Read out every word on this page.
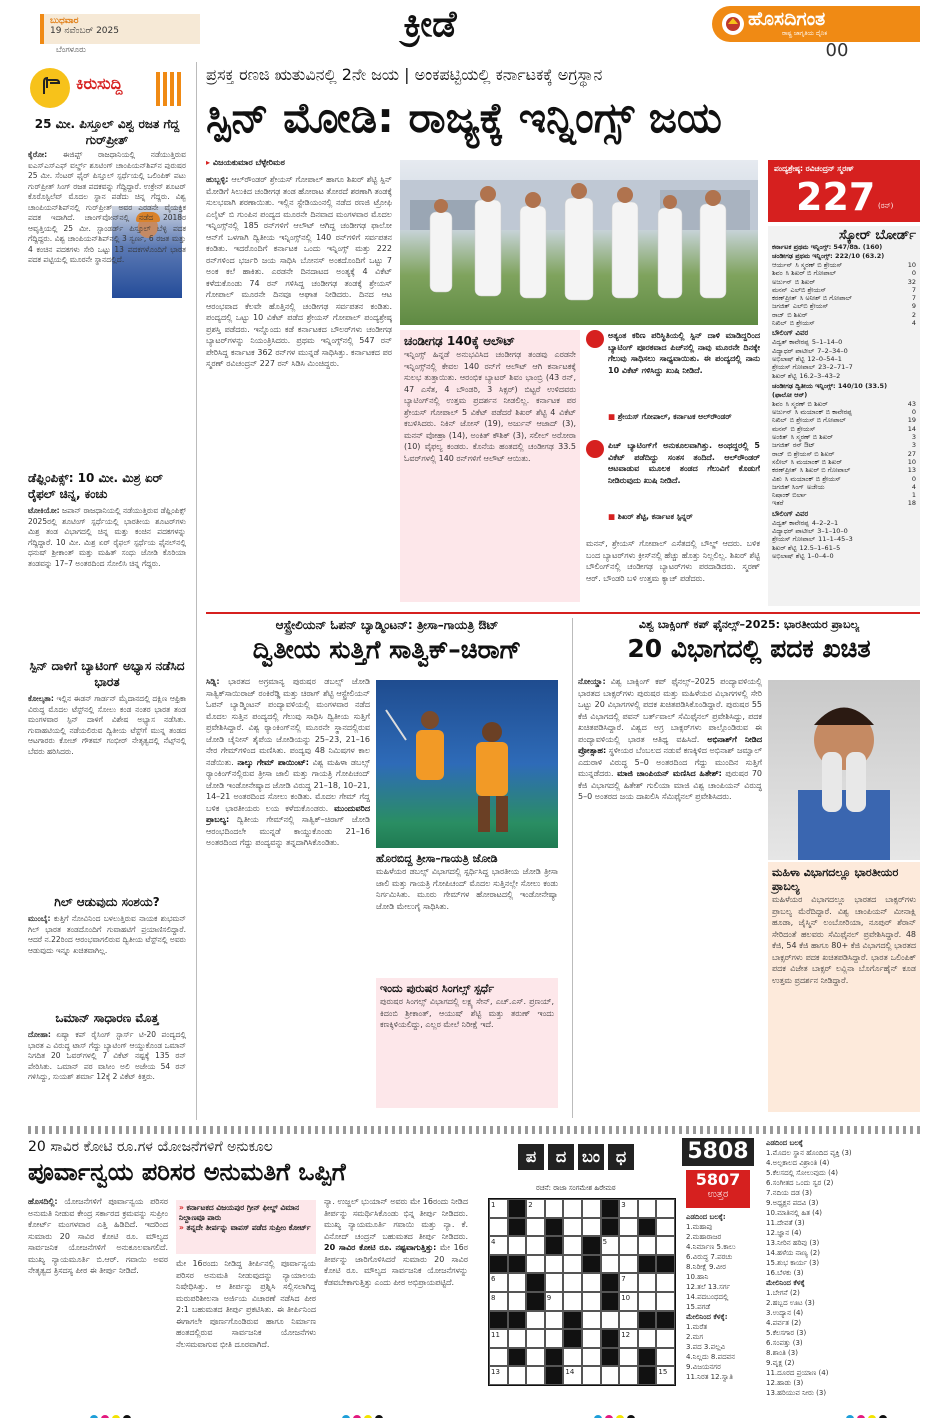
ಬುಧವಾರ
19 ನವೆಂಬರ್ 2025
ಬೆಂಗಳೂರು
ಕ್ರೀಡೆ	ಹೊಸದಿಗಂತ
ರಾಷ್ಟ್ರ ಜಾಗೃತಿಯ ದೈನಿಕ
00
ಕಿರುಸುದ್ದಿ
25 ಮೀ. ಪಿಸ್ತೂಲ್ ವಿಶ್ವ ರಜತ ಗೆದ್ದ ಗುರ್‌ಪ್ರೀತ್
ಕೈರೋ: ಈಜಿಪ್ಟ್ ರಾಜಧಾನಿಯಲ್ಲಿ ನಡೆಯುತ್ತಿರುವ ಐಎಸ್‌ಎಸ್‌ಎಫ್ ವರ್ಲ್ಡ್ ಶೂಟಿಂಗ್ ಚಾಂಪಿಯನ್‌ಶಿಪ್‌ನ ಪುರುಷರ 25 ಮೀ. ಸೆಂಟರ್ ಫೈರ್ ಪಿಸ್ತೂಲ್ ಸ್ಪರ್ಧೆಯಲ್ಲಿ ಒಲಿಂಪಿಕ್ ಪಟು ಗುರ್‌ಪ್ರೀತ್ ಸಿಂಗ್ ರಜತ ಪದಕವನ್ನು ಗೆದ್ದಿದ್ದಾರೆ. ಉಕ್ರೇನ್ ಶೂಟರ್ ಕೊರೊಸ್ಟಿಲೆವ್ ಮೊದಲ ಸ್ಥಾನ ಪಡೆದು ಚಿನ್ನ ಗೆದ್ದರು. ವಿಶ್ವ ಚಾಂಪಿಯನ್‌ಶಿಪ್‌ನಲ್ಲಿ ಗುರ್‌ಪ್ರೀತ್ ಅವರ ಎರಡನೇ ವೈಯಕ್ತಿಕ ಪದಕ ಇದಾಗಿದೆ. ಚಾಂಗ್‌ವೋನ್‌ನಲ್ಲಿ ನಡೆದ 2018ರ ಆವೃತ್ತಿಯಲ್ಲಿ 25 ಮೀ. ಸ್ಟಾಂಡರ್ಡ್ ಪಿಸ್ತೂಲ್ ಬೆಳ್ಳಿ ಪದಕ ಗೆದ್ದಿದ್ದರು. ವಿಶ್ವ ಚಾಂಪಿಯನ್‌ಶಿಪ್‌ನಲ್ಲಿ 3 ಸ್ವರ್ಣ, 6 ರಜತ ಮತ್ತು 4 ಕಂಚಿನ ಪದಕಗಳು ಸೇರಿ ಒಟ್ಟು 13 ಪದಕಗಳೊಂದಿಗೆ ಭಾರತ ಪದಕ ಪಟ್ಟಿಯಲ್ಲಿ ಮೂರನೇ ಸ್ಥಾನದಲ್ಲಿದೆ.
ಡೆಫ್ಲಿಂಪಿಕ್ಸ್: 10 ಮೀ. ಮಿಶ್ರ ಏರ್ ರೈಫಲ್ ಚಿನ್ನ, ಕಂಚು
ಟೋಕಿಯೋ: ಜಪಾನ್ ರಾಜಧಾನಿಯಲ್ಲಿ ನಡೆಯುತ್ತಿರುವ ಡೆಫ್ಲಿಂಪಿಕ್ಸ್ 2025ರಲ್ಲಿ ಶೂಟಿಂಗ್ ಸ್ಪರ್ಧೆಯಲ್ಲಿ ಭಾರತೀಯ ಶೂಟರ್‌ಗಳು ಮಿಶ್ರ ತಂಡ ವಿಭಾಗದಲ್ಲಿ ಚಿನ್ನ ಮತ್ತು ಕಂಚಿನ ಪದಕಗಳನ್ನು ಗೆದ್ದಿದ್ದಾರೆ. 10 ಮೀ. ಮಿಶ್ರ ಏರ್ ರೈಫಲ್ ಸ್ಪರ್ಧೆಯ ಫೈನಲ್‌ನಲ್ಲಿ ಧನುಷ್ ಶ್ರೀಕಾಂತ್ ಮತ್ತು ಮಹಿತ್ ಸಂಧು ಜೋಡಿ ಕೊರಿಯಾ ತಂಡವನ್ನು 17–7 ಅಂತರದಿಂದ ಸೋಲಿಸಿ ಚಿನ್ನ ಗೆದ್ದರು.
ಸ್ಪಿನ್ ದಾಳಿಗೆ ಬ್ಯಾಟಿಂಗ್ ಅಭ್ಯಾಸ ನಡೆಸಿದ ಭಾರತ
ಕೋಲ್ಕತಾ: ಇಲ್ಲಿನ ಈಡನ್ ಗಾರ್ಡನ್ ಮೈದಾನದಲ್ಲಿ ದಕ್ಷಿಣ ಆಫ್ರಿಕಾ ವಿರುದ್ಧ ಮೊದಲ ಟೆಸ್ಟ್‌ನಲ್ಲಿ ಸೋಲು ಕಂಡ ನಂತರ ಭಾರತ ತಂಡ ಮಂಗಳವಾರ ಸ್ಪಿನ್ ದಾಳಿಗೆ ವಿಶೇಷ ಅಭ್ಯಾಸ ನಡೆಸಿತು. ಗುವಾಹಟಿಯಲ್ಲಿ ನಡೆಯಲಿರುವ ದ್ವಿತೀಯ ಟೆಸ್ಟ್‌ಗೆ ಮುನ್ನ ತಂಡದ ಆಟಗಾರರು ಕೋಚ್ ಗೌತಮ್ ಗಂಭೀರ್ ನೇತೃತ್ವದಲ್ಲಿ ನೆಟ್ಸ್‌ನಲ್ಲಿ ಬೆವರು ಹರಿಸಿದರು.
ಗಿಲ್ ಆಡುವುದು ಸಂಶಯ?
ಮುಂಬೈ: ಕುತ್ತಿಗೆ ನೋವಿನಿಂದ ಬಳಲುತ್ತಿರುವ ನಾಯಕ ಶುಭಮನ್ ಗಿಲ್ ಭಾರತ ತಂಡದೊಂದಿಗೆ ಗುವಾಹಟಿಗೆ ಪ್ರಯಾಣಿಸಲಿದ್ದಾರೆ. ಆದರೆ ನ.22ರಿಂದ ಆರಂಭವಾಗಲಿರುವ ದ್ವಿತೀಯ ಟೆಸ್ಟ್‌ನಲ್ಲಿ ಅವರು ಆಡುವುದು ಇನ್ನೂ ಖಚಿತವಾಗಿಲ್ಲ.
ಒಮಾನ್ ಸಾಧಾರಣ ಮೊತ್ತ
ದೋಹಾ: ಏಷ್ಯಾ ಕಪ್ ರೈಸಿಂಗ್ ಸ್ಟಾರ್ಸ್ ಟಿ-20 ಪಂದ್ಯದಲ್ಲಿ ಭಾರತ ಎ ವಿರುದ್ಧ ಟಾಸ್ ಗೆದ್ದು ಬ್ಯಾಟಿಂಗ್ ಆಯ್ದುಕೊಂಡ ಒಮಾನ್ ನಿಗದಿತ 20 ಓವರ್‌ಗಳಲ್ಲಿ 7 ವಿಕೆಟ್ ನಷ್ಟಕ್ಕೆ 135 ರನ್ ಪೇರಿಸಿತು. ಒಮಾನ್ ಪರ ವಾಸೀಂ ಅಲಿ ಅಜೇಯ 54 ರನ್ ಗಳಿಸಿದ್ದು, ಸುಯಶ್ ಶರ್ಮಾ 12ಕ್ಕೆ 2 ವಿಕೆಟ್ ಕಿತ್ತರು.
ಪ್ರಸಕ್ತ ರಣಜಿ ಋತುವಿನಲ್ಲಿ 2ನೇ ಜಯ | ಅಂಕಪಟ್ಟಿಯಲ್ಲಿ ಕರ್ನಾಟಕಕ್ಕೆ ಅಗ್ರಸ್ಥಾನ
ಸ್ಪಿನ್ ಮೋಡಿ: ರಾಜ್ಯಕ್ಕೆ ಇನ್ನಿಂಗ್ಸ್ ಜಯ
▸ ವಿಜಯಕುಮಾರ ಬೆಳ್ಳೇರಿಮಠ
ಹುಬ್ಬಳ್ಳಿ: ಆಲ್‌ರೌಂಡರ್ ಶ್ರೇಯಸ್ ಗೋಪಾಲ್ ಹಾಗೂ ಶಿಖರ್ ಶೆಟ್ಟಿ ಸ್ಪಿನ್ ಮೋಡಿಗೆ ಸಿಲುಕಿದ ಚಂಡೀಗಢ ತಂಡ ಹೋರಾಟ ತೋರದೆ ಶರಣಾಗಿ ತಂಡಕ್ಕೆ ಸುಲಭವಾಗಿ ಶರಣಾಯಿತು. ಇಲ್ಲಿನ ಸ್ಟೇಡಿಯಂನಲ್ಲಿ ನಡೆದ ರಣಜಿ ಟ್ರೋಫಿ ಎಲೈಟ್ ಬಿ ಗುಂಪಿನ ಪಂದ್ಯದ ಮೂರನೇ ದಿನವಾದ ಮಂಗಳವಾರ ಮೊದಲ ಇನ್ನಿಂಗ್ಸ್‌ನಲ್ಲಿ 185 ರನ್‌ಗಳಿಗೆ ಆಲೌಟ್ ಆಗಿದ್ದ ಚಂಡೀಗಢ ಫಾಲೋ ಆನ್‌ಗೆ ಒಳಗಾಗಿ ದ್ವಿತೀಯ ಇನ್ನಿಂಗ್ಸ್‌ನಲ್ಲಿ 140 ರನ್‌ಗಳಿಗೆ ಸರ್ವಪತನ ಕಂಡಿತು. ಇದರೊಂದಿಗೆ ಕರ್ನಾಟಕ ಒಂದು ಇನ್ನಿಂಗ್ಸ್ ಮತ್ತು 222 ರನ್‌ಗಳಿಂದ ಭರ್ಜರಿ ಜಯ ಸಾಧಿಸಿ ಬೋನಸ್ ಅಂಕದೊಂದಿಗೆ ಒಟ್ಟು 7 ಅಂಕ ಕಲೆ ಹಾಕಿತು. ಎರಡನೇ ದಿನದಾಟದ ಅಂತ್ಯಕ್ಕೆ 4 ವಿಕೆಟ್ ಕಳೆದುಕೊಂಡು 74 ರನ್ ಗಳಿಸಿದ್ದ ಚಂಡೀಗಢ ತಂಡಕ್ಕೆ ಶ್ರೇಯಸ್ ಗೋಪಾಲ್ ಮೂರನೇ ದಿನವೂ ಆಘಾತ ನೀಡಿದರು. ದಿನದ ಆಟ ಆರಂಭವಾದ ಕೆಲವೇ ಹೊತ್ತಿನಲ್ಲಿ ಚಂಡೀಗಢ ಸರ್ವಪತನ ಕಂಡಿತು. ಪಂದ್ಯದಲ್ಲಿ ಒಟ್ಟು 10 ವಿಕೆಟ್ ಪಡೆದ ಶ್ರೇಯಸ್ ಗೋಪಾಲ್ ಪಂದ್ಯಶ್ರೇಷ್ಠ ಪ್ರಶಸ್ತಿ ಪಡೆದರು. ಇನ್ನೊಂದು ಕಡೆ ಕರ್ನಾಟಕದ ಬೌಲರ್‌ಗಳು ಚಂಡೀಗಢ ಬ್ಯಾಟರ್‌ಗಳನ್ನು ನಿಯಂತ್ರಿಸಿದರು. ಪ್ರಥಮ ಇನ್ನಿಂಗ್ಸ್‌ನಲ್ಲಿ 547 ರನ್ ಪೇರಿಸಿದ್ದ ಕರ್ನಾಟಕ 362 ರನ್‌ಗಳ ಮುನ್ನಡೆ ಸಾಧಿಸಿತ್ತು. ಕರ್ನಾಟಕದ ಪರ ಸ್ಮರಣ್ ರವಿಚಂದ್ರನ್ 227 ರನ್ ಸಿಡಿಸಿ ಮಿಂಚಿದ್ದರು.
ಪಂದ್ಯಶ್ರೇಷ್ಠ: ರವಿಚಂದ್ರನ್ ಸ್ಮರಣ್
227 (ರನ್)
ಸ್ಕೋರ್ ಬೋರ್ಡ್
ಕರ್ನಾಟಕ ಪ್ರಥಮ ಇನ್ನಿಂಗ್ಸ್: 547/8ಡಿ. (160)
ಚಂಡೀಗಢ ಪ್ರಥಮ ಇನ್ನಿಂಗ್ಸ್: 222/10 (63.2)
ಆರ್ಯನ್ ಸಿ ಸ್ಮರಣ್ ಬಿ ಶ್ರೇಯಸ್	10
ಶಿವಂ ಸಿ ಶಿಖರ್ ಬಿ ಗೋಪಾಲ್	0
ಅರ್ಜುನ್ ಬಿ ಶಿಖರ್	32
ಮನನ್ ಎಲ್‌ಬಿ ಶ್ರೇಯಸ್	7
ಕರಣ್‌ಪ್ರೀತ್ ಸಿ ಅನೀಶ್ ಬಿ ಗೋಪಾಲ್	7
ಜಗಜಿತ್ ಎಲ್‌ಬಿ ಶ್ರೇಯಸ್	9
ರಾಜ್ ಬಿ ಶಿಖರ್	2
ನಿಖಿಲ್ ಬಿ ಶ್ರೇಯಸ್	4
ಬೌಲಿಂಗ್ ವಿವರ
ವಿದ್ವತ್ ಕಾವೇರಪ್ಪ 5–1–14–0
ವಿದ್ಯಾಧರ್ ಪಾಟೀಲ್ 7–2–34–0
ಅಭಿಲಾಷ್ ಶೆಟ್ಟಿ 12–0–54–1
ಶ್ರೇಯಸ್ ಗೋಪಾಲ್ 23–2–71–7
ಶಿಖರ್ ಶೆಟ್ಟಿ 16.2–3–43–2
ಚಂಡೀಗಢ ದ್ವಿತೀಯ ಇನ್ನಿಂಗ್ಸ್: 140/10 (33.5)
(ಫಾಲೋ ಆನ್)
ಶಿವಂ ಸಿ ಸ್ಮರಣ್ ಬಿ ಶಿಖರ್	43
ಅರ್ಜುನ್ ಸಿ ಮಯಾಂಕ್ ಬಿ ಕಾವೇರಪ್ಪ	0
ನಿಖಿಲ್ ಬಿ ಶ್ರೇಯಸ್ ಬಿ ಗೋಪಾಲ್	19
ಮನನ್ ಬಿ ಶ್ರೇಯಸ್	14
ಅಂಕಿತ್ ಸಿ ಸ್ಮರಣ್ ಬಿ ಶಿಖರ್	3
ಜಗಜಿತ್ ರನ್ ಔಟ್	3
ರಾಜ್ ಬಿ ಶ್ರೇಯಸ್ ಬಿ ಶಿಖರ್	27
ಸಲೀಲ್ ಸಿ ಮಯಾಂಕ್ ಬಿ ಶಿಖರ್	10
ಕರಣ್‌ಪ್ರೀತ್ ಸಿ ಶಿಖರ್ ಬಿ ಗೋಪಾಲ್	13
ವಿಶು ಸಿ ಮಯಾಂಕ್ ಬಿ ಶ್ರೇಯಸ್	0
ಜಗಜಿತ್ ಸಿಂಗ್ ಅಜೇಯ	4
ನಿಷಾಂಕ್ ಬಿರ್ಲಾ	1
ಇತರೆ	18
ಬೌಲಿಂಗ್ ವಿವರ
ವಿದ್ವತ್ ಕಾವೇರಪ್ಪ 4–2–2–1
ವಿದ್ಯಾಧರ್ ಪಾಟೀಲ್ 3–1–10–0
ಶ್ರೇಯಸ್ ಗೋಪಾಲ್ 11–1–45–3
ಶಿಖರ್ ಶೆಟ್ಟಿ 12.5–1–61–5
ಅಭಿಲಾಷ್ ಶೆಟ್ಟಿ 1–0–4–0
ಚಂಡೀಗಢ 140ಕ್ಕೆ ಆಲೌಟ್
ಇನ್ನಿಂಗ್ಸ್ ಹಿನ್ನಡೆ ಅನುಭವಿಸಿದ ಚಂಡೀಗಢ ತಂಡವು ಎರಡನೇ ಇನ್ನಿಂಗ್ಸ್‌ನಲ್ಲಿ ಕೇವಲ 140 ರನ್‌ಗೆ ಆಲೌಟ್ ಆಗಿ ಕರ್ನಾಟಕಕ್ಕೆ ಸುಲಭ ತುತ್ತಾಯಿತು. ಆರಂಭಿಕ ಬ್ಯಾಟರ್ ಶಿವಂ ಭಾಂಬ್ರಿ (43 ರನ್, 47 ಎಸೆತ, 4 ಬೌಂಡರಿ, 3 ಸಿಕ್ಸರ್) ಬಿಟ್ಟರೆ ಉಳಿದವರು ಬ್ಯಾಟಿಂಗ್‌ನಲ್ಲಿ ಉತ್ತಮ ಪ್ರದರ್ಶನ ನೀಡಲಿಲ್ಲ. ಕರ್ನಾಟಕ ಪರ ಶ್ರೇಯಸ್ ಗೋಪಾಲ್ 5 ವಿಕೆಟ್ ಪಡೆದರೆ ಶಿಖರ್ ಶೆಟ್ಟಿ 4 ವಿಕೆಟ್ ಕಬಳಿಸಿದರು. ನಿಕಿನ್ ಜೋಸ್ (19), ಅರ್ಜುನ್ ಆಜಾದ್ (3), ಮನನ್ ವೋಹ್ರಾ (14), ಅಂಕಿತ್ ಕೌಶಿಕ್ (3), ಸಲೀಲ್ ಅರೋರಾ (10) ವೈಫಲ್ಯ ಕಂಡರು. ಕೊನೆಯ ಹಂತದಲ್ಲಿ ಚಂಡೀಗಢ 33.5 ಓವರ್‌ಗಳಲ್ಲಿ 140 ರನ್‌ಗಳಿಗೆ ಆಲೌಟ್ ಆಯಿತು.
ಅತ್ಯಂತ ಕಠಿಣ ಪರಿಸ್ಥಿತಿಯಲ್ಲಿ ಸ್ಪಿನ್ ದಾಳಿ ಮಾಡಿದ್ದರಿಂದ ಬ್ಯಾಟಿಂಗ್ ಪೂರಕವಾದ ಪಿಚ್‌ನಲ್ಲಿ ನಾವು ಮೂರನೇ ದಿನಕ್ಕೇ ಗೆಲುವು ಸಾಧಿಸಲು ಸಾಧ್ಯವಾಯಿತು. ಈ ಪಂದ್ಯದಲ್ಲಿ ನಾನು 10 ವಿಕೆಟ್ ಗಳಿಸಿದ್ದು ಖುಷಿ ನೀಡಿದೆ.
■ ಶ್ರೇಯಸ್ ಗೋಪಾಲ್, ಕರ್ನಾಟಕ ಆಲ್‌ರೌಂಡರ್
ಪಿಚ್ ಬ್ಯಾಟಿಂಗ್‌ಗೆ ಅನುಕೂಲವಾಗಿತ್ತು. ಅಂಥದ್ದರಲ್ಲಿ 5 ವಿಕೆಟ್ ಪಡೆದಿದ್ದು ಸಂತಸ ತಂದಿದೆ. ಆಲ್‌ರೌಂಡರ್ ಆಟವಾಡುವ ಮೂಲಕ ತಂಡದ ಗೆಲುವಿಗೆ ಕೊಡುಗೆ ನೀಡಿರುವುದು ಖುಷಿ ನೀಡಿದೆ.
■ ಶಿಖರ್ ಶೆಟ್ಟಿ, ಕರ್ನಾಟಕ ಸ್ಪಿನ್ನರ್
ಮನನ್, ಶ್ರೇಯಸ್ ಗೋಪಾಲ್ ಎಸೆತದಲ್ಲಿ ಬೌಲ್ಡ್ ಆದರು. ಬಳಿಕ ಬಂದ ಬ್ಯಾಟರ್‌ಗಳು ಕ್ರೀಸ್‌ನಲ್ಲಿ ಹೆಚ್ಚು ಹೊತ್ತು ನಿಲ್ಲಲಿಲ್ಲ. ಶಿಖರ್ ಶೆಟ್ಟಿ ಬೌಲಿಂಗ್‌ನಲ್ಲಿ ಚಂಡೀಗಢ ಬ್ಯಾಟರ್‌ಗಳು ಪರದಾಡಿದರು. ಸ್ಮರಣ್ ಆರ್. ಬೌಂಡರಿ ಬಳಿ ಉತ್ತಮ ಕ್ಯಾಚ್ ಪಡೆದರು.
ಆಸ್ಟ್ರೇಲಿಯನ್ ಓಪನ್ ಬ್ಯಾಡ್ಮಿಂಟನ್: ತ್ರೀಸಾ–ಗಾಯತ್ರಿ ಔಟ್
ದ್ವಿತೀಯ ಸುತ್ತಿಗೆ ಸಾತ್ವಿಕ್–ಚಿರಾಗ್
ಸಿಡ್ನಿ: ಭಾರತದ ಅಗ್ರಮಾನ್ಯ ಪುರುಷರ ಡಬಲ್ಸ್ ಜೋಡಿ ಸಾತ್ವಿಕ್‌ಸಾಯಿರಾಜ್ ರಂಕಿರೆಡ್ಡಿ ಮತ್ತು ಚಿರಾಗ್ ಶೆಟ್ಟಿ ಆಸ್ಟ್ರೇಲಿಯನ್ ಓಪನ್ ಬ್ಯಾಡ್ಮಿಂಟನ್ ಪಂದ್ಯಾವಳಿಯಲ್ಲಿ ಮಂಗಳವಾರ ನಡೆದ ಮೊದಲ ಸುತ್ತಿನ ಪಂದ್ಯದಲ್ಲಿ ಗೆಲುವು ಸಾಧಿಸಿ ದ್ವಿತೀಯ ಸುತ್ತಿಗೆ ಪ್ರವೇಶಿಸಿದ್ದಾರೆ. ವಿಶ್ವ ರ್‍ಯಾಂಕಿಂಗ್‌ನಲ್ಲಿ ಮೂರನೇ ಸ್ಥಾನದಲ್ಲಿರುವ ಜೋಡಿ ಚೈನೀಸ್ ತೈಪೆಯ ಜೋಡಿಯನ್ನು 25–23, 21–16 ನೇರ ಗೇಮ್‌ಗಳಿಂದ ಮಣಿಸಿತು. ಪಂದ್ಯವು 48 ನಿಮಿಷಗಳ ಕಾಲ ನಡೆಯಿತು. ನಾಲ್ಕು ಗೇಮ್ ಪಾಯಿಂಟ್: ವಿಶ್ವ ಮಹಿಳಾ ಡಬಲ್ಸ್ ರ್‍ಯಾಂಕಿಂಗ್‌ನಲ್ಲಿರುವ ತ್ರೀಸಾ ಜಾಲಿ ಮತ್ತು ಗಾಯತ್ರಿ ಗೋಪಿಚಂದ್ ಜೋಡಿ ಇಂಡೋನೇಷ್ಯಾದ ಜೋಡಿ ವಿರುದ್ಧ 21–18, 10–21, 14–21 ಅಂತರದಿಂದ ಸೋಲು ಕಂಡಿತು. ಮೊದಲ ಗೇಮ್ ಗೆದ್ದ ಬಳಿಕ ಭಾರತೀಯರು ಲಯ ಕಳೆದುಕೊಂಡರು. ಮುಂದುವರಿದ ಪ್ರಾಬಲ್ಯ: ದ್ವಿತೀಯ ಗೇಮ್‌ನಲ್ಲಿ ಸಾತ್ವಿಕ್–ಚಿರಾಗ್ ಜೋಡಿ ಆರಂಭದಿಂದಲೇ ಮುನ್ನಡೆ ಕಾಯ್ದುಕೊಂಡು 21–16 ಅಂತರದಿಂದ ಗೆದ್ದು ಪಂದ್ಯವನ್ನು ತನ್ನದಾಗಿಸಿಕೊಂಡಿತು.
ಹೊರಬಿದ್ದ ತ್ರೀಸಾ–ಗಾಯತ್ರಿ ಜೋಡಿ
ಮಹಿಳೆಯರ ಡಬಲ್ಸ್ ವಿಭಾಗದಲ್ಲಿ ಸ್ಪರ್ಧಿಸಿದ್ದ ಭಾರತೀಯ ಜೋಡಿ ತ್ರೀಸಾ ಜಾಲಿ ಮತ್ತು ಗಾಯತ್ರಿ ಗೋಪಿಚಂದ್ ಮೊದಲ ಸುತ್ತಿನಲ್ಲೇ ಸೋಲು ಕಂಡು ನಿರ್ಗಮಿಸಿತು. ಮೂರು ಗೇಮ್‌ಗಳ ಹೋರಾಟದಲ್ಲಿ ಇಂಡೋನೇಷ್ಯಾ ಜೋಡಿ ಮೇಲುಗೈ ಸಾಧಿಸಿತು.
ಇಂದು ಪುರುಷರ ಸಿಂಗಲ್ಸ್ ಸ್ಪರ್ಧೆ
ಪುರುಷರ ಸಿಂಗಲ್ಸ್ ವಿಭಾಗದಲ್ಲಿ ಲಕ್ಷ್ಯ ಸೇನ್, ಎಚ್.ಎಸ್. ಪ್ರಣಯ್, ಕಿದಂಬಿ ಶ್ರೀಕಾಂತ್, ಆಯುಷ್ ಶೆಟ್ಟಿ ಮತ್ತು ತರುಣ್ ಇಂದು ಕಣಕ್ಕಿಳಿಯಲಿದ್ದು, ಎಲ್ಲರ ಮೇಲೆ ನಿರೀಕ್ಷೆ ಇದೆ.
ವಿಶ್ವ ಬಾಕ್ಸಿಂಗ್ ಕಪ್ ಫೈನಲ್ಸ್–2025: ಭಾರತೀಯರ ಪ್ರಾಬಲ್ಯ
20 ವಿಭಾಗದಲ್ಲಿ ಪದಕ ಖಚಿತ
ನೋಯ್ಡಾ: ವಿಶ್ವ ಬಾಕ್ಸಿಂಗ್ ಕಪ್ ಫೈನಲ್ಸ್–2025 ಪಂದ್ಯಾವಳಿಯಲ್ಲಿ ಭಾರತದ ಬಾಕ್ಸರ್‌ಗಳು ಪುರುಷರ ಮತ್ತು ಮಹಿಳೆಯರ ವಿಭಾಗಗಳಲ್ಲಿ ಸೇರಿ ಒಟ್ಟು 20 ವಿಭಾಗಗಳಲ್ಲಿ ಪದಕ ಖಚಿತಪಡಿಸಿಕೊಂಡಿದ್ದಾರೆ. ಪುರುಷರ 55 ಕೆಜಿ ವಿಭಾಗದಲ್ಲಿ ಪವನ್ ಬರ್ತ್‌ವಾಲ್ ಸೆಮಿಫೈನಲ್ ಪ್ರವೇಶಿಸಿದ್ದು, ಪದಕ ಖಚಿತಪಡಿಸಿದ್ದಾರೆ. ವಿಶ್ವದ ಅಗ್ರ ಬಾಕ್ಸರ್‌ಗಳು ಪಾಲ್ಗೊಂಡಿರುವ ಈ ಪಂದ್ಯಾವಳಿಯಲ್ಲಿ ಭಾರತ ಆತಿಥ್ಯ ವಹಿಸಿದೆ. ಅಭಿನಾಶ್‌ಗೆ ನೀಡಿದ ಪ್ರೋತ್ಸಾಹ: ಸ್ಥಳೀಯರ ಬೆಂಬಲದ ನಡುವೆ ಕಣಕ್ಕಿಳಿದ ಅಭಿನಾಶ್ ಜಮ್ವಾಲ್ ಎದುರಾಳಿ ವಿರುದ್ಧ 5–0 ಅಂತರದಿಂದ ಗೆದ್ದು ಮುಂದಿನ ಸುತ್ತಿಗೆ ಮುನ್ನಡೆದರು. ಮಾಜಿ ಚಾಂಪಿಯನ್ ಮಣಿಸಿದ ಹಿತೇಶ್: ಪುರುಷರ 70 ಕೆಜಿ ವಿಭಾಗದಲ್ಲಿ ಹಿತೇಶ್ ಗುಲಿಯಾ ಮಾಜಿ ವಿಶ್ವ ಚಾಂಪಿಯನ್ ವಿರುದ್ಧ 5–0 ಅಂತರದ ಜಯ ದಾಖಲಿಸಿ ಸೆಮಿಫೈನಲ್ ಪ್ರವೇಶಿಸಿದರು.
ಮಹಿಳಾ ವಿಭಾಗದಲ್ಲೂ ಭಾರತೀಯರ ಪ್ರಾಬಲ್ಯ
ಮಹಿಳೆಯರ ವಿಭಾಗದಲ್ಲೂ ಭಾರತದ ಬಾಕ್ಸರ್‌ಗಳು ಪ್ರಾಬಲ್ಯ ಮೆರೆದಿದ್ದಾರೆ. ವಿಶ್ವ ಚಾಂಪಿಯನ್ ಮೀನಾಕ್ಷಿ ಹೂಡಾ, ಜೈಸ್ಮಿನ್ ಲಂಬೋರಿಯಾ, ನೂಪುರ್ ಶೆರಾನ್ ಸೇರಿದಂತೆ ಹಲವರು ಸೆಮಿಫೈನಲ್ ಪ್ರವೇಶಿಸಿದ್ದಾರೆ. 48 ಕೆಜಿ, 54 ಕೆಜಿ ಹಾಗೂ 80+ ಕೆಜಿ ವಿಭಾಗದಲ್ಲಿ ಭಾರತದ ಬಾಕ್ಸರ್‌ಗಳು ಪದಕ ಖಚಿತಪಡಿಸಿದ್ದಾರೆ. ಭಾರತ ಒಲಿಂಪಿಕ್ ಪದಕ ವಿಜೇತ ಬಾಕ್ಸರ್ ಲವ್ಲಿನಾ ಬೊರ್ಗೊಹೈನ್ ಕೂಡ ಉತ್ತಮ ಪ್ರದರ್ಶನ ನೀಡಿದ್ದಾರೆ.
20 ಸಾವಿರ ಕೋಟಿ ರೂ.ಗಳ ಯೋಜನೆಗಳಿಗೆ ಅನುಕೂಲ
ಪೂರ್ವಾನ್ವಯ ಪರಿಸರ ಅನುಮತಿಗೆ ಒಪ್ಪಿಗೆ
ಹೊಸದಿಲ್ಲಿ: ಯೋಜನೆಗಳಿಗೆ ಪೂರ್ವಾನ್ವಯ ಪರಿಸರ ಅನುಮತಿ ನೀಡುವ ಕೇಂದ್ರ ಸರ್ಕಾರದ ಕ್ರಮವನ್ನು ಸುಪ್ರೀಂ ಕೋರ್ಟ್ ಮಂಗಳವಾರ ಎತ್ತಿ ಹಿಡಿದಿದೆ. ಇದರಿಂದ ಸುಮಾರು 20 ಸಾವಿರ ಕೋಟಿ ರೂ. ಮೌಲ್ಯದ ಸಾರ್ವಜನಿಕ ಯೋಜನೆಗಳಿಗೆ ಅನುಕೂಲವಾಗಲಿದೆ. ಮುಖ್ಯ ನ್ಯಾಯಮೂರ್ತಿ ಬಿ.ಆರ್. ಗವಾಯಿ ಅವರ ನೇತೃತ್ವದ ತ್ರಿಸದಸ್ಯ ಪೀಠ ಈ ತೀರ್ಪು ನೀಡಿದೆ.
» ಕರ್ನಾಟಕದ ವಿಜಯಪುರ ಗ್ರೀನ್ ಫೀಲ್ಡ್ ವಿಮಾನ ನಿಲ್ದಾಣವೂ ಪಾರು
» ತನ್ನದೇ ತೀರ್ಪನ್ನು ವಾಪಸ್ ಪಡೆದ ಸುಪ್ರೀಂ ಕೋರ್ಟ್
ಮೇ 16ರಂದು ನೀಡಿದ್ದ ತೀರ್ಪಿನಲ್ಲಿ ಪೂರ್ವಾನ್ವಯ ಪರಿಸರ ಅನುಮತಿ ನೀಡುವುದನ್ನು ನ್ಯಾಯಾಲಯ ನಿಷೇಧಿಸಿತ್ತು. ಆ ತೀರ್ಪನ್ನು ಪ್ರಶ್ನಿಸಿ ಸಲ್ಲಿಸಲಾಗಿದ್ದ ಮರುಪರಿಶೀಲನಾ ಅರ್ಜಿಯ ವಿಚಾರಣೆ ನಡೆಸಿದ ಪೀಠ 2:1 ಬಹುಮತದ ತೀರ್ಪು ಪ್ರಕಟಿಸಿತು. ಈ ತೀರ್ಪಿನಿಂದ ಈಗಾಗಲೇ ಪೂರ್ಣಗೊಂಡಿರುವ ಹಾಗೂ ನಿರ್ಮಾಣ ಹಂತದಲ್ಲಿರುವ ಸಾರ್ವಜನಿಕ ಯೋಜನೆಗಳು ನೆಲಸಮವಾಗುವ ಭೀತಿ ದೂರವಾಗಿದೆ.
ನ್ಯಾ. ಉಜ್ಜಲ್ ಭುಯಾನ್ ಅವರು ಮೇ 16ರಂದು ನೀಡಿದ ತೀರ್ಪನ್ನು ಸಮರ್ಥಿಸಿಕೊಂಡು ಭಿನ್ನ ತೀರ್ಪು ನೀಡಿದರು. ಮುಖ್ಯ ನ್ಯಾಯಮೂರ್ತಿ ಗವಾಯಿ ಮತ್ತು ನ್ಯಾ. ಕೆ. ವಿನೋದ್ ಚಂದ್ರನ್ ಬಹುಮತದ ತೀರ್ಪು ನೀಡಿದರು. 20 ಸಾವಿರ ಕೋಟಿ ರೂ. ನಷ್ಟವಾಗುತ್ತಿತ್ತು: ಮೇ 16ರ ತೀರ್ಪನ್ನು ಜಾರಿಗೊಳಿಸಿದರೆ ಸುಮಾರು 20 ಸಾವಿರ ಕೋಟಿ ರೂ. ಮೌಲ್ಯದ ಸಾರ್ವಜನಿಕ ಯೋಜನೆಗಳನ್ನು ಕೆಡವಬೇಕಾಗುತ್ತಿತ್ತು ಎಂದು ಪೀಠ ಅಭಿಪ್ರಾಯಪಟ್ಟಿದೆ.
ಪ	ದ ಬಂ ಧ
ರಚನೆ: ರಾಜಾ ಸಂಗಮೇಶ ಹಿರೇಮಠ
1	2	3
4	5
6	7
8	9	10
11	12
13	14	15
5808
5807
ಉತ್ತರ
ಎಡದಿಂದ ಬಲಕ್ಕೆ:
1.ಮಹಾಪು
2.ಮಹಾರಾಜರ
4.ನಿರ್ಮಾಣ 5.ಕಾಲು
6.ವಿರುದ್ಧ 7.ಪರಚು
8.ನಿರೀಕ್ಷೆ 9.ವೀರ
10.ಹಾನಿ
12.ತಲೆ 13.ಸರ್ಗ
14.ಪದಬಂಧದಲ್ಲಿ
15.ಪಗಡೆ
ಮೇಲಿನಿಂದ ಕೆಳಕ್ಕೆ:
1.ಮರೆತ
2.ಮಗ
3.ಪದ 3.ಪಲ್ಲವಿ
4.ನಿಲ್ಲದು 8.ಪದವನ
9.ವಿಜಯನಗರ
11.ನಿರತ 12.ಸ್ವಾತಿ
ಎಡದಿಂದ ಬಲಕ್ಕೆ
1.ಮೊದಲ ಸ್ಥಾನ ಹೊಂದಿದ ವ್ಯಕ್ತಿ (3)
4.ಅಲ್ಪಕಾಲದ ವಿಶ್ರಾಂತಿ (4)
5.ಕೆಲಸದಲ್ಲಿ ಸೋಲುವುದು (4)
6.ಸಂಗೀತದ ಒಂದು ಸ್ವರ (2)
7.ನದಿಯ ದಡ (3)
9.ಅಧ್ಯಕ್ಷನ ಪದವಿ (3)
10.ಮಾತಿನಲ್ಲಿ ಹಿತ (4)
11.ದೇವತೆ (3)
12.ಜ್ಞಾನ (4)
13.ನೀರಿನ ಹರಿವು (3)
14.ಹಳೆಯ ನಾಣ್ಯ (2)
15.ಶುಭ ಕಾರ್ಯ (3)
16.ಬೆಳಕು (3)
ಮೇಲಿನಿಂದ ಕೆಳಕ್ಕೆ
1.ಬೇಗನೆ (2)
2.ಹಬ್ಬದ ಊಟ (3)
3.ಉದ್ಯಾನ (4)
4.ಪರ್ವತ (2)
5.ಕೆಲಸಗಾರ (3)
6.ಸಂಪತ್ತು (3)
8.ಶಾಂತಿ (3)
9.ವೃಕ್ಷ (2)
11.ದೂರದ ಪ್ರಯಾಣ (4)
12.ಹಾಡು (3)
13.ಹರಿಯುವ ನೀರು (3)
